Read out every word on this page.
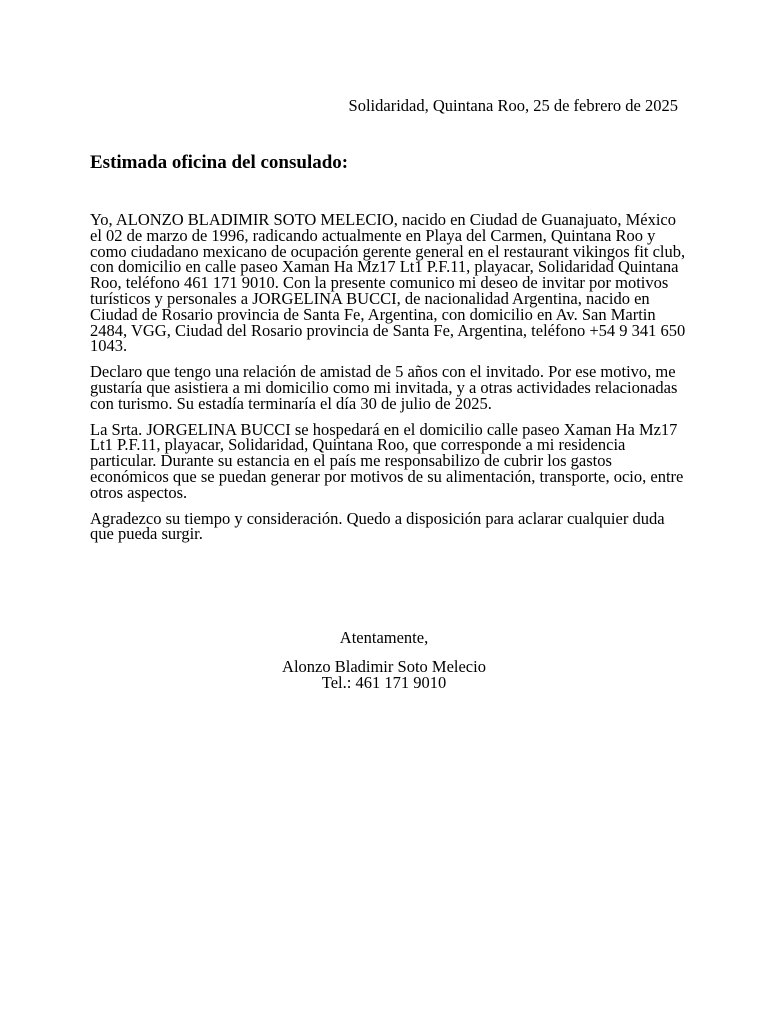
Solidaridad, Quintana Roo, 25 de febrero de 2025
Estimada oficina del consulado:

Yo, ALONZO BLADIMIR SOTO MELECIO, nacido en Ciudad de Guanajuato, México el 02 de marzo de 1996, radicando actualmente en Playa del Carmen, Quintana Roo y como ciudadano mexicano de ocupación gerente general en el restaurant vikingos fit club, con domicilio en calle paseo Xaman Ha Mz17 Lt1 P.F.11, playacar, Solidaridad Quintana Roo, teléfono 461 171 9010. Con la presente comunico mi deseo de invitar por motivos turísticos y personales a JORGELINA BUCCI, de nacionalidad Argentina, nacido en Ciudad de Rosario provincia de Santa Fe, Argentina, con domicilio en Av. San Martin 2484, VGG, Ciudad del Rosario provincia de Santa Fe, Argentina, teléfono +54 9 341 650 1043.

Declaro que tengo una relación de amistad de 5 años con el invitado. Por ese motivo, me gustaría que asistiera a mi domicilio como mi invitada, y a otras actividades relacionadas con turismo. Su estadía terminaría el día 30 de julio de 2025.

La Srta. JORGELINA BUCCI se hospedará en el domicilio calle paseo Xaman Ha Mz17 Lt1 P.F.11, playacar, Solidaridad, Quintana Roo, que corresponde a mi residencia particular. Durante su estancia en el país me responsabilizo de cubrir los gastos económicos que se puedan generar por motivos de su alimentación, transporte, ocio, entre otros aspectos.

Agradezco su tiempo y consideración. Quedo a disposición para aclarar cualquier duda que pueda surgir.

Atentamente,

Alonzo Bladimir Soto Melecio

Tel.: 461 171 9010
